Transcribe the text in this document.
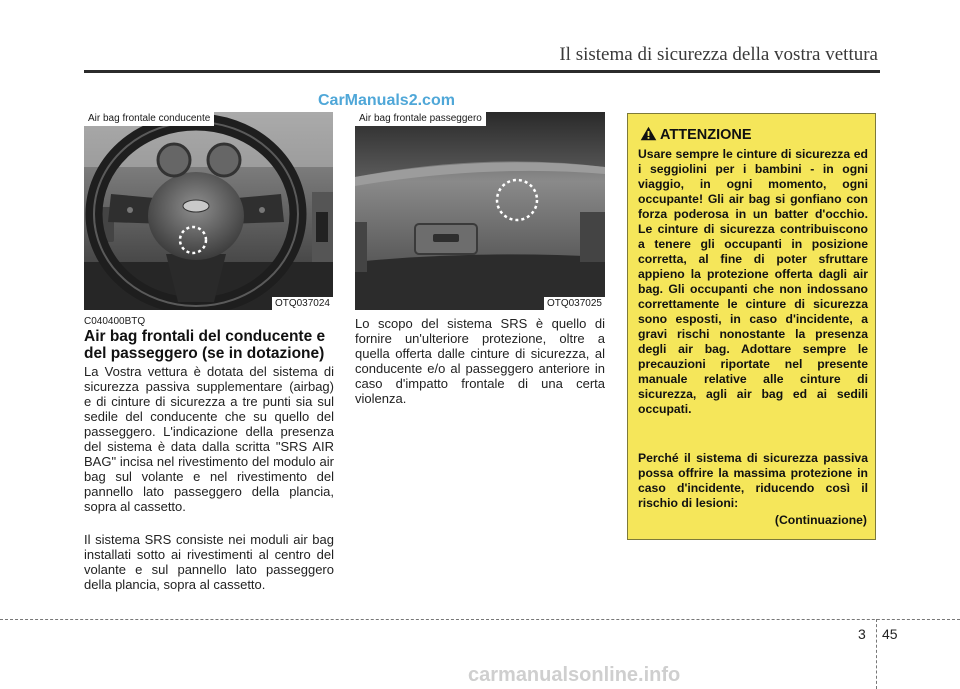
Il sistema di sicurezza della vostra vettura
CarManuals2.com
Air bag frontale conducente
OTQ037024
Air bag frontale passeggero
OTQ037025
C040400BTQ
Air bag frontali del conducente e del passeggero (se in dotazione)

La Vostra vettura è dotata del sistema di sicurezza passiva supplementare (airbag) e di cinture di sicurezza a tre punti sia sul sedile del conducente che su quello del passeggero. L'indicazione della presenza del sistema è data dalla scritta "SRS AIR BAG" incisa nel rivestimento del modulo air bag sul volante e nel rivestimento del pannello lato passeggero della plancia, sopra al cassetto.

Il sistema SRS consiste nei moduli air bag installati sotto ai rivestimenti al centro del volante e sul pannello lato passeggero della plancia, sopra al cassetto.

Lo scopo del sistema SRS è quello di fornire un'ulteriore protezione, oltre a quella offerta dalle cinture di sicurezza, al conducente e/o al passeggero anteriore in caso d'impatto frontale di una certa violenza.

ATTENZIONE

Usare sempre le cinture di sicurezza ed i seggiolini per i bambini - in ogni viaggio, in ogni momento, ogni occupante! Gli air bag si gonfiano con forza poderosa in un batter d'occhio. Le cinture di sicurezza contribuiscono a tenere gli occupanti in posizione corretta, al fine di poter sfruttare appieno la protezione offerta dagli air bag. Gli occupanti che non indossano correttamente le cinture di sicurezza sono esposti, in caso d'incidente, a gravi rischi nonostante la presenza degli air bag. Adottare sempre le precauzioni riportate nel presente manuale relative alle cinture di sicurezza, agli air bag ed ai sedili occupati.

Perché il sistema di sicurezza passiva possa offrire la massima protezione in caso d'incidente, riducendo così il rischio di lesioni:

(Continuazione)
3 45
carmanualsonline.info
